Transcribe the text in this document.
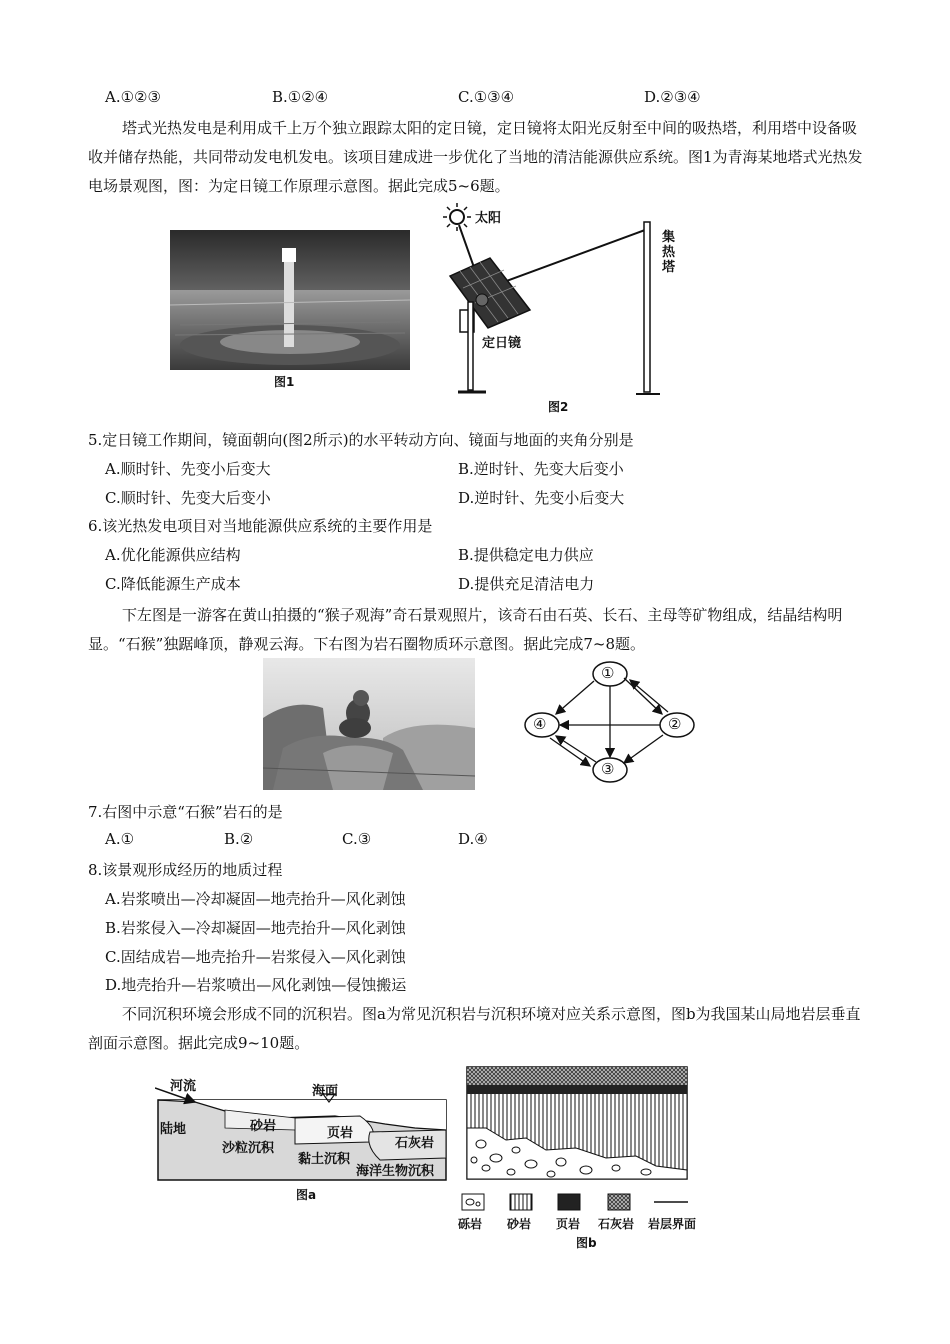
A.①②③	B.①②④	C.①③④	D.②③④
塔式光热发电是利用成千上万个独立跟踪太阳的定日镜，定日镜将太阳光反射至中间的吸热塔，利用塔中设备吸收并储存热能，共同带动发电机发电。该项目建成进一步优化了当地的清洁能源供应系统。图1为青海某地塔式光热发电场景观图，图：为定日镜工作原理示意图。据此完成5~6题。
图1
太阳
集热塔
定日镜
图2
5.定日镜工作期间，镜面朝向(图2所示)的水平转动方向、镜面与地面的夹角分别是
A.顺时针、先变小后变大	B.逆时针、先变大后变小
C.顺时针、先变大后变小	D.逆时针、先变小后变大
6.该光热发电项目对当地能源供应系统的主要作用是
A.优化能源供应结构	B.提供稳定电力供应
C.降低能源生产成本	D.提供充足清洁电力
下左图是一游客在黄山拍摄的“猴子观海”奇石景观照片，该奇石由石英、长石、主母等矿物组成，结晶结构明显。“石猴”独踞峰顶，静观云海。下右图为岩石圈物质环示意图。据此完成7~8题。
①
②
③
④
7.右图中示意“石猴”岩石的是
A.①	B.②	C.③	D.④
8.该景观形成经历的地质过程
A.岩浆喷出—冷却凝固—地壳抬升—风化剥蚀
B.岩浆侵入—冷却凝固—地壳抬升—风化剥蚀
C.固结成岩—地壳抬升—岩浆侵入—风化剥蚀
D.地壳抬升—岩浆喷出—风化剥蚀—侵蚀搬运
不同沉积环境会形成不同的沉积岩。图a为常见沉积岩与沉积环境对应关系示意图，图b为我国某山局地岩层垂直剖面示意图。据此完成9~10题。
河流	海面
陆地	砂岩	页岩
石灰岩
沙粒沉积
黏土沉积
海洋生物沉积
图a
砾岩 砂岩 页岩 石灰岩 岩层界面
图b
